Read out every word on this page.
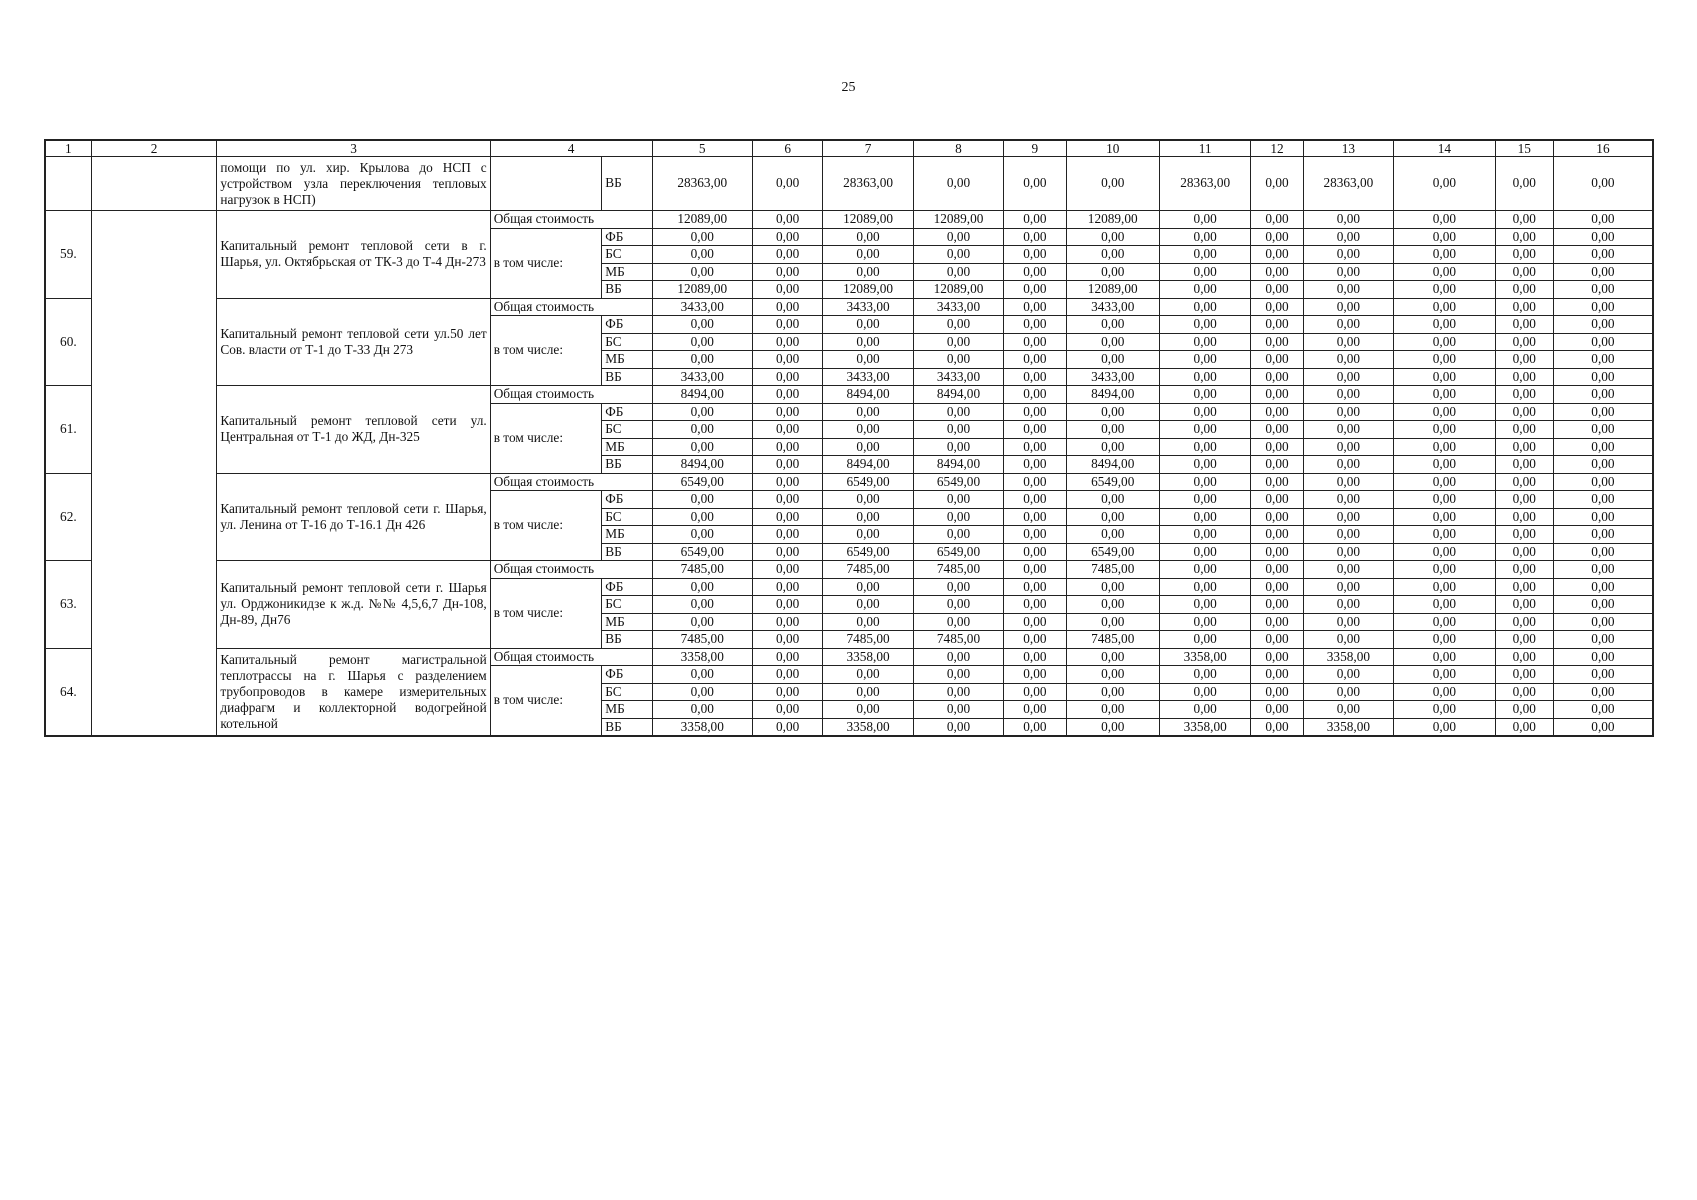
25
1	2	3	4		5	6	7	8	9	10	11	12	13	14	15	16
		помощи по ул. хир. Крылова до НСП с устройством узла переключения тепловых нагрузок в НСП)		ВБ	28363,00	0,00	28363,00	0,00	0,00	0,00	28363,00	0,00	28363,00	0,00	0,00	0,00
59.		Капитальный ремонт тепловой сети в г. Шарья, ул. Октябрьская от ТК-3 до Т-4 Дн-273	Общая стоимость		12089,00	0,00	12089,00	12089,00	0,00	12089,00	0,00	0,00	0,00	0,00	0,00	0,00
			в том числе:	ФБ	0,00	0,00	0,00	0,00	0,00	0,00	0,00	0,00	0,00	0,00	0,00	0,00
				БС	0,00	0,00	0,00	0,00	0,00	0,00	0,00	0,00	0,00	0,00	0,00	0,00
				МБ	0,00	0,00	0,00	0,00	0,00	0,00	0,00	0,00	0,00	0,00	0,00	0,00
				ВБ	12089,00	0,00	12089,00	12089,00	0,00	12089,00	0,00	0,00	0,00	0,00	0,00	0,00
60.		Капитальный ремонт тепловой сети ул.50 лет Сов. власти от Т-1 до Т-33 Дн 273	Общая стоимость		3433,00	0,00	3433,00	3433,00	0,00	3433,00	0,00	0,00	0,00	0,00	0,00	0,00
			в том числе:	ФБ	0,00	0,00	0,00	0,00	0,00	0,00	0,00	0,00	0,00	0,00	0,00	0,00
				БС	0,00	0,00	0,00	0,00	0,00	0,00	0,00	0,00	0,00	0,00	0,00	0,00
				МБ	0,00	0,00	0,00	0,00	0,00	0,00	0,00	0,00	0,00	0,00	0,00	0,00
				ВБ	3433,00	0,00	3433,00	3433,00	0,00	3433,00	0,00	0,00	0,00	0,00	0,00	0,00
61.		Капитальный ремонт тепловой сети ул. Центральная от Т-1 до ЖД, Дн-325	Общая стоимость		8494,00	0,00	8494,00	8494,00	0,00	8494,00	0,00	0,00	0,00	0,00	0,00	0,00
			в том числе:	ФБ	0,00	0,00	0,00	0,00	0,00	0,00	0,00	0,00	0,00	0,00	0,00	0,00
				БС	0,00	0,00	0,00	0,00	0,00	0,00	0,00	0,00	0,00	0,00	0,00	0,00
				МБ	0,00	0,00	0,00	0,00	0,00	0,00	0,00	0,00	0,00	0,00	0,00	0,00
				ВБ	8494,00	0,00	8494,00	8494,00	0,00	8494,00	0,00	0,00	0,00	0,00	0,00	0,00
62.		Капитальный ремонт тепловой сети г. Шарья, ул. Ленина от Т-16 до Т-16.1 Дн 426	Общая стоимость		6549,00	0,00	6549,00	6549,00	0,00	6549,00	0,00	0,00	0,00	0,00	0,00	0,00
			в том числе:	ФБ	0,00	0,00	0,00	0,00	0,00	0,00	0,00	0,00	0,00	0,00	0,00	0,00
				БС	0,00	0,00	0,00	0,00	0,00	0,00	0,00	0,00	0,00	0,00	0,00	0,00
				МБ	0,00	0,00	0,00	0,00	0,00	0,00	0,00	0,00	0,00	0,00	0,00	0,00
				ВБ	6549,00	0,00	6549,00	6549,00	0,00	6549,00	0,00	0,00	0,00	0,00	0,00	0,00
63.		Капитальный ремонт тепловой сети г. Шарья ул. Орджоникидзе к ж.д. №№ 4,5,6,7 Дн-108, Дн-89, Дн76	Общая стоимость		7485,00	0,00	7485,00	7485,00	0,00	7485,00	0,00	0,00	0,00	0,00	0,00	0,00
			в том числе:	ФБ	0,00	0,00	0,00	0,00	0,00	0,00	0,00	0,00	0,00	0,00	0,00	0,00
				БС	0,00	0,00	0,00	0,00	0,00	0,00	0,00	0,00	0,00	0,00	0,00	0,00
				МБ	0,00	0,00	0,00	0,00	0,00	0,00	0,00	0,00	0,00	0,00	0,00	0,00
				ВБ	7485,00	0,00	7485,00	7485,00	0,00	7485,00	0,00	0,00	0,00	0,00	0,00	0,00
64.		Капитальный ремонт магистральной теплотрассы на г. Шарья с разделением трубопроводов в камере измерительных диафрагм и коллекторной водогрейной котельной	Общая стоимость		3358,00	0,00	3358,00	0,00	0,00	0,00	3358,00	0,00	3358,00	0,00	0,00	0,00
			в том числе:	ФБ	0,00	0,00	0,00	0,00	0,00	0,00	0,00	0,00	0,00	0,00	0,00	0,00
				БС	0,00	0,00	0,00	0,00	0,00	0,00	0,00	0,00	0,00	0,00	0,00	0,00
				МБ	0,00	0,00	0,00	0,00	0,00	0,00	0,00	0,00	0,00	0,00	0,00	0,00
				ВБ	3358,00	0,00	3358,00	0,00	0,00	0,00	3358,00	0,00	3358,00	0,00	0,00	0,00
